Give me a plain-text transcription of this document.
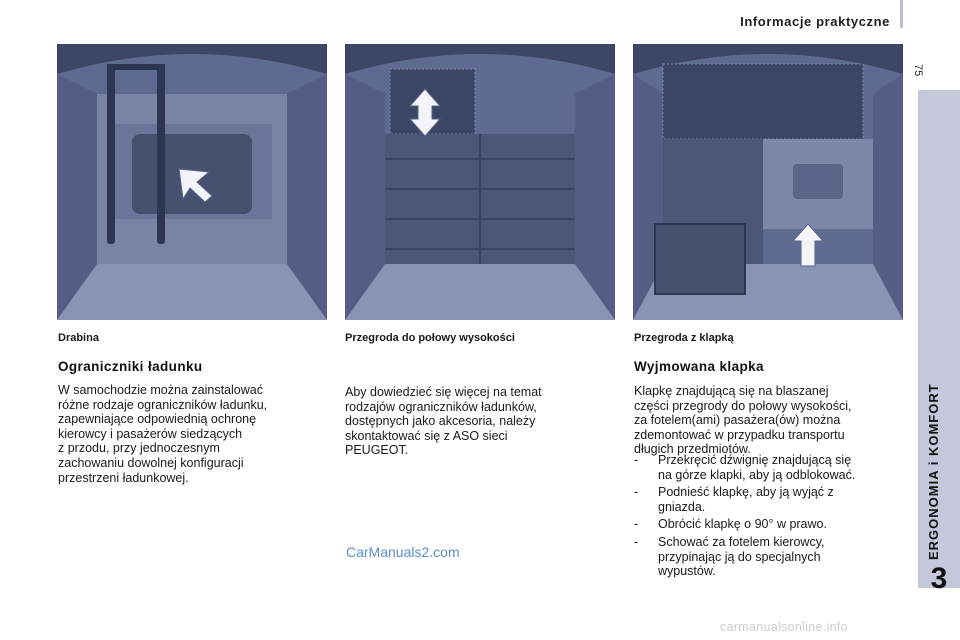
Informacje praktyczne
75
ERGONOMIA i KOMFORT
3
Drabina	Przegroda do połowy wysokości	Przegroda z klapką
Ograniczniki ładunku
W samochodzie można zainstalować
różne rodzaje ograniczników ładunku,
zapewniające odpowiednią ochronę
kierowcy i pasażerów siedzących
z przodu, przy jednoczesnym
zachowaniu dowolnej konfiguracji
przestrzeni ładunkowej.
Aby dowiedzieć się więcej na temat
rodzajów ograniczników ładunków,
dostępnych jako akcesoria, należy
skontaktować się z ASO sieci
PEUGEOT.
Wyjmowana klapka
Klapkę znajdującą się na blaszanej
części przegrody do połowy wysokości,
za fotelem(ami) pasażera(ów) można
zdemontować w przypadku transportu
długich przedmiotów.
- Przekręcić dźwignię znajdującą się
na górze klapki, aby ją odblokować.
- Podnieść klapkę, aby ją wyjąć z
gniazda.
- Obrócić klapkę o 90° w prawo.
- Schować za fotelem kierowcy,
przypinając ją do specjalnych
wypustów.
CarManuals2.com
carmanualsonline.info
